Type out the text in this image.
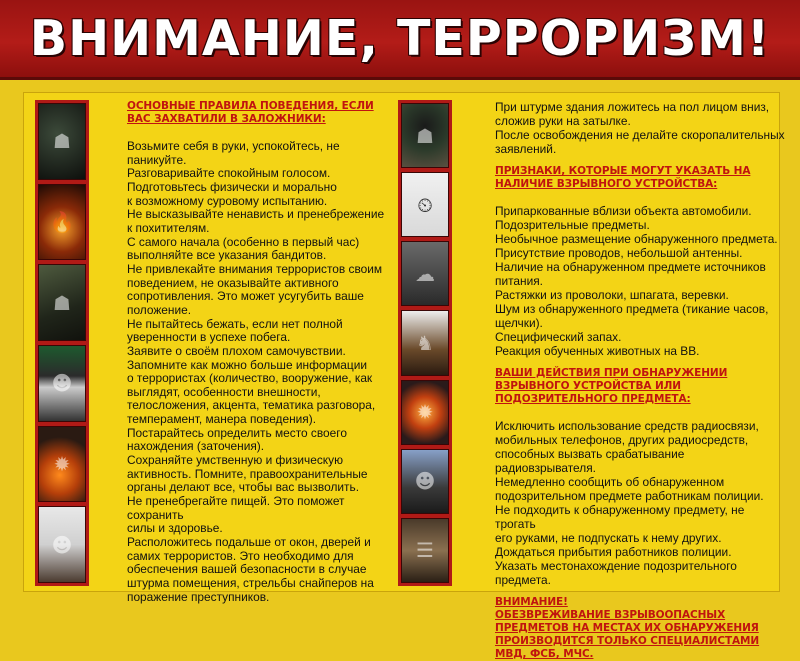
ВНИМАНИЕ, ТЕРРОРИЗМ!
☗
🔥
☗
☻
✹
☻
☗
⏲
☁
♞
✹
☻
☰
ОСНОВНЫЕ ПРАВИЛА ПОВЕДЕНИЯ, ЕСЛИ ВАС ЗАХВАТИЛИ В ЗАЛОЖНИКИ:

Возьмите себя в руки, успокойтесь, не паникуйте.

Разговаривайте спокойным голосом.

Подготовьтесь физически и морально

к возможному суровому испытанию.

Не высказывайте ненависть и пренебрежение

к похитителям.

С самого начала (особенно в первый час)

выполняйте все указания бандитов.

Не привлекайте внимания террористов своим

поведением, не оказывайте активного

сопротивления. Это может усугубить ваше

положение.

Не пытайтесь бежать, если нет полной

уверенности в успехе побега.

Заявите о своём плохом самочувствии.

Запомните как можно больше информации

о террористах (количество, вооружение, как

выглядят, особенности внешности,

телосложения, акцента, тематика разговора,

темперамент, манера поведения).

Постарайтесь определить место своего

нахождения (заточения).

Сохраняйте умственную и физическую

активность. Помните, правоохранительные

органы делают все, чтобы вас вызволить.

Не пренебрегайте пищей. Это поможет сохранить

силы и здоровье.

Расположитесь подальше от окон, дверей и

самих террористов. Это необходимо для

обеспечения вашей безопасности в случае

штурма помещения, стрельбы снайперов на

поражение преступников.

При штурме здания ложитесь на пол лицом вниз,

сложив руки на затылке.

После освобождения не делайте скоропалительных

заявлений.

ПРИЗНАКИ, КОТОРЫЕ МОГУТ УКАЗАТЬ НА НАЛИЧИЕ ВЗРЫВНОГО УСТРОЙСТВА:

Припаркованные вблизи объекта автомобили.

Подозрительные предметы.

Необычное размещение обнаруженного предмета.

Присутствие проводов, небольшой антенны.

Наличие на обнаруженном предмете источников

питания.

Растяжки из проволоки, шпагата, веревки.

Шум из обнаруженного предмета (тикание часов,

щелчки).

Специфический запах.

Реакция обученных животных на ВВ.

ВАШИ ДЕЙСТВИЯ ПРИ ОБНАРУЖЕНИИ ВЗРЫВНОГО УСТРОЙСТВА ИЛИ ПОДОЗРИТЕЛЬНОГО ПРЕДМЕТА:

Исключить использование средств радиосвязи,

мобильных телефонов, других радиосредств,

способных вызвать срабатывание радиовзрывателя.

Немедленно сообщить об обнаруженном

подозрительном предмете работникам полиции.

Не подходить к обнаруженному предмету, не трогать

его руками, не подпускать к нему других.

Дождаться прибытия работников полиции.

Указать местонахождение подозрительного предмета.

ВНИМАНИЕ!
ОБЕЗВРЕЖИВАНИЕ ВЗРЫВООПАСНЫХ ПРЕДМЕТОВ НА МЕСТАХ ИХ ОБНАРУЖЕНИЯ ПРОИЗВОДИТСЯ ТОЛЬКО СПЕЦИАЛИСТАМИ МВД, ФСБ, МЧС.
